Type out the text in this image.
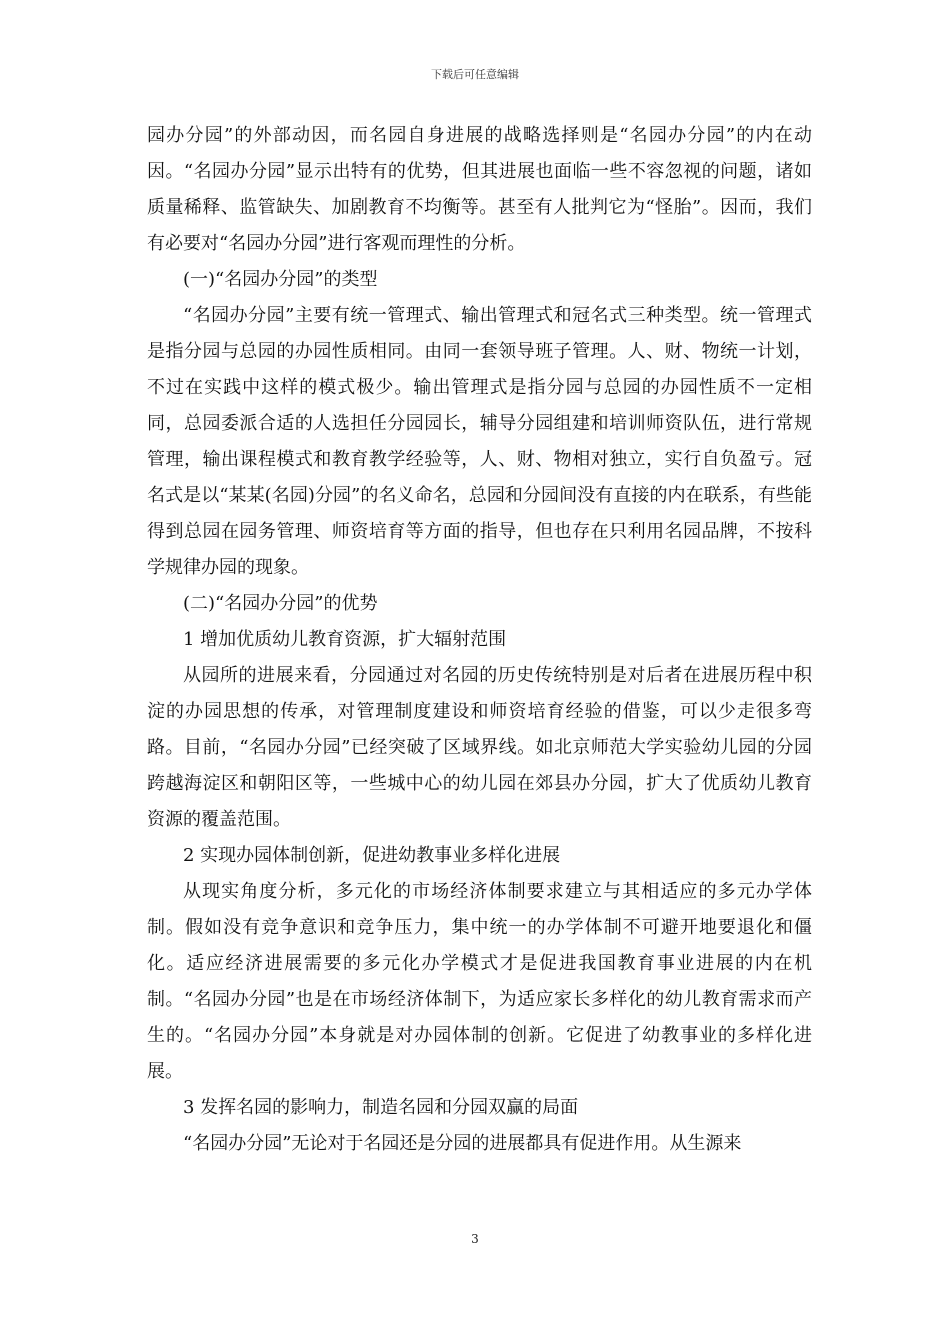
下载后可任意编辑

园办分园”的外部动因，而名园自身进展的战略选择则是“名园办分园”的内在动因。“名园办分园”显示出特有的优势，但其进展也面临一些不容忽视的问题，诸如质量稀释、监管缺失、加剧教育不均衡等。甚至有人批判它为“怪胎”。因而，我们有必要对“名园办分园”进行客观而理性的分析。

(一)“名园办分园”的类型

“名园办分园”主要有统一管理式、输出管理式和冠名式三种类型。统一管理式是指分园与总园的办园性质相同。由同一套领导班子管理。人、财、物统一计划，不过在实践中这样的模式极少。输出管理式是指分园与总园的办园性质不一定相同，总园委派合适的人选担任分园园长，辅导分园组建和培训师资队伍，进行常规管理，输出课程模式和教育教学经验等，人、财、物相对独立，实行自负盈亏。冠名式是以“某某(名园)分园”的名义命名，总园和分园间没有直接的内在联系，有些能得到总园在园务管理、师资培育等方面的指导，但也存在只利用名园品牌，不按科学规律办园的现象。

(二)“名园办分园”的优势

1 增加优质幼儿教育资源，扩大辐射范围

从园所的进展来看，分园通过对名园的历史传统特别是对后者在进展历程中积淀的办园思想的传承，对管理制度建设和师资培育经验的借鉴，可以少走很多弯路。目前，“名园办分园”已经突破了区域界线。如北京师范大学实验幼儿园的分园跨越海淀区和朝阳区等，一些城中心的幼儿园在郊县办分园，扩大了优质幼儿教育资源的覆盖范围。

2 实现办园体制创新，促进幼教事业多样化进展

从现实角度分析，多元化的市场经济体制要求建立与其相适应的多元办学体制。假如没有竞争意识和竞争压力，集中统一的办学体制不可避开地要退化和僵化。适应经济进展需要的多元化办学模式才是促进我国教育事业进展的内在机制。“名园办分园”也是在市场经济体制下，为适应家长多样化的幼儿教育需求而产生的。“名园办分园”本身就是对办园体制的创新。它促进了幼教事业的多样化进展。

3 发挥名园的影响力，制造名园和分园双赢的局面

“名园办分园”无论对于名园还是分园的进展都具有促进作用。从生源来

3
